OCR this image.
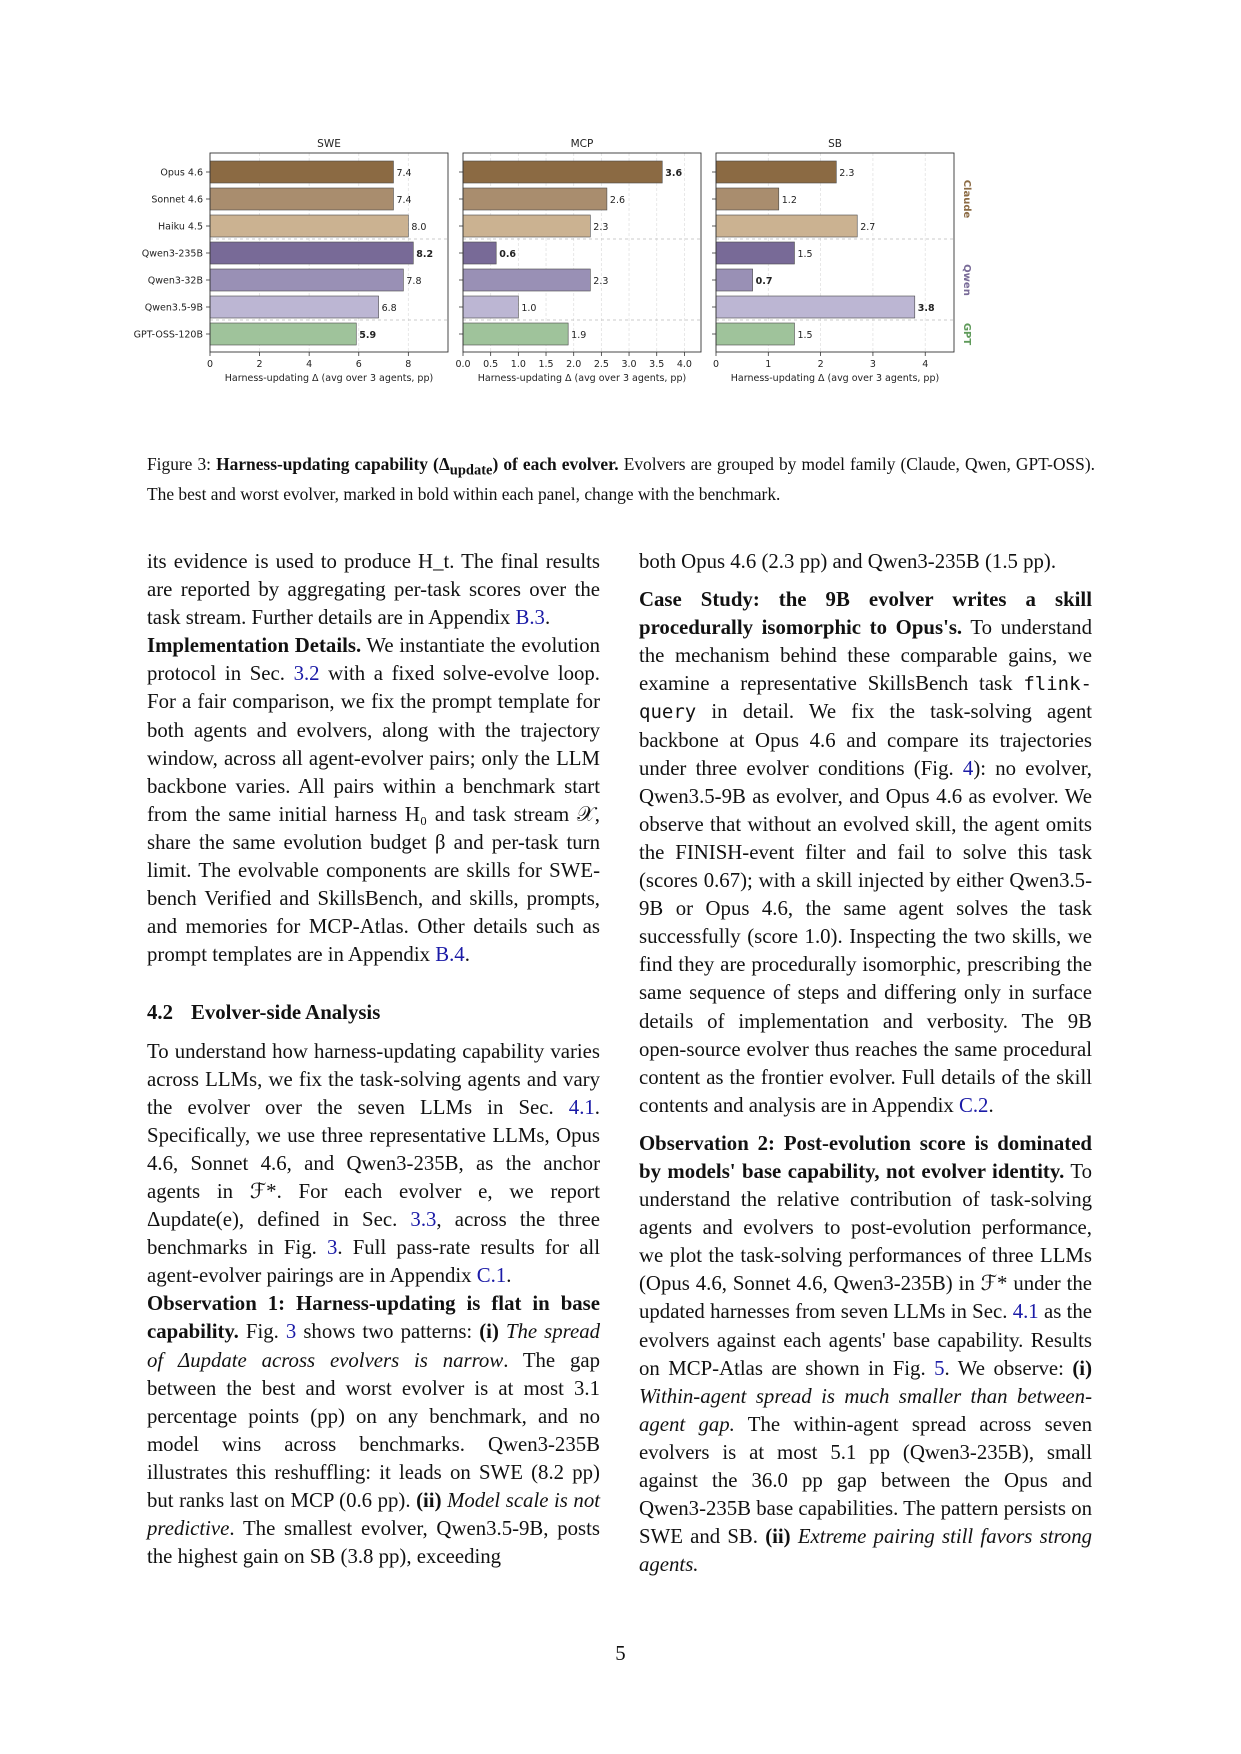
7.4
Opus 4.6
7.4
Sonnet 4.6
8.0
Haiku 4.5
8.2
Qwen3-235B
7.8
Qwen3-32B
6.8
Qwen3.5-9B
5.9
GPT-OSS-120B
0	2	4	6	8
SWE
Harness-updating Δ (avg over 3 agents, pp)
3.6
2.6
2.3
0.6
2.3
1.0
1.9
0.0 0.5 1.0 1.5 2.0 2.5 3.0 3.5 4.0
MCP
Harness-updating Δ (avg over 3 agents, pp)
2.3
1.2
2.7
1.5
0.7
3.8
1.5
0	1	2	3	4
SB
Harness-updating Δ (avg over 3 agents, pp)
Claude
Qwen
GPT
Figure 3: Harness-updating capability $(\Delta_{update})$ of each evolver. Evolvers are grouped by model family (Claude, Qwen, GPT-OSS). The best and worst evolver, marked in bold within each panel, change with the benchmark.

its evidence is used to produce H_t. The final results are reported by aggregating per-task scores over the task stream. Further details are in Appendix B.3.

Implementation Details. We instantiate the evolution protocol in Sec. 3.2 with a fixed solve-evolve loop. For a fair comparison, we fix the prompt template for both agents and evolvers, along with the trajectory window, across all agent-evolver pairs; only the LLM backbone varies. All pairs within a benchmark start from the same initial harness H₀ and task stream 𝒳, share the same evolution budget β and per-task turn limit. The evolvable components are skills for SWE-bench Verified and SkillsBench, and skills, prompts, and memories for MCP-Atlas. Other details such as prompt templates are in Appendix B.4.

4.2 Evolver-side Analysis

To understand how harness-updating capability varies across LLMs, we fix the task-solving agents and vary the evolver over the seven LLMs in Sec. 4.1. Specifically, we use three representative LLMs, Opus 4.6, Sonnet 4.6, and Qwen3-235B, as the anchor agents in ℱ*. For each evolver e, we report Δupdate(e), defined in Sec. 3.3, across the three benchmarks in Fig. 3. Full pass-rate results for all agent-evolver pairings are in Appendix C.1.

Observation 1: Harness-updating is flat in base capability. Fig. 3 shows two patterns: (i) The spread of Δupdate across evolvers is narrow. The gap between the best and worst evolver is at most 3.1 percentage points (pp) on any benchmark, and no model wins across benchmarks. Qwen3-235B illustrates this reshuffling: it leads on SWE (8.2 pp) but ranks last on MCP (0.6 pp). (ii) Model scale is not predictive. The smallest evolver, Qwen3.5-9B, posts the highest gain on SB (3.8 pp), exceeding

both Opus 4.6 (2.3 pp) and Qwen3-235B (1.5 pp).

Case Study: the 9B evolver writes a skill procedurally isomorphic to Opus's. To understand the mechanism behind these comparable gains, we examine a representative SkillsBench task flink-query in detail. We fix the task-solving agent backbone at Opus 4.6 and compare its trajectories under three evolver conditions (Fig. 4): no evolver, Qwen3.5-9B as evolver, and Opus 4.6 as evolver. We observe that without an evolved skill, the agent omits the FINISH-event filter and fail to solve this task (scores 0.67); with a skill injected by either Qwen3.5-9B or Opus 4.6, the same agent solves the task successfully (score 1.0). Inspecting the two skills, we find they are procedurally isomorphic, prescribing the same sequence of steps and differing only in surface details of implementation and verbosity. The 9B open-source evolver thus reaches the same procedural content as the frontier evolver. Full details of the skill contents and analysis are in Appendix C.2.

Observation 2: Post-evolution score is dominated by models' base capability, not evolver identity. To understand the relative contribution of task-solving agents and evolvers to post-evolution performance, we plot the task-solving performances of three LLMs (Opus 4.6, Sonnet 4.6, Qwen3-235B) in ℱ* under the updated harnesses from seven LLMs in Sec. 4.1 as the evolvers against each agents' base capability. Results on MCP-Atlas are shown in Fig. 5. We observe: (i) Within-agent spread is much smaller than between-agent gap. The within-agent spread across seven evolvers is at most 5.1 pp (Qwen3-235B), small against the 36.0 pp gap between the Opus and Qwen3-235B base capabilities. The pattern persists on SWE and SB. (ii) Extreme pairing still favors strong agents.

5
